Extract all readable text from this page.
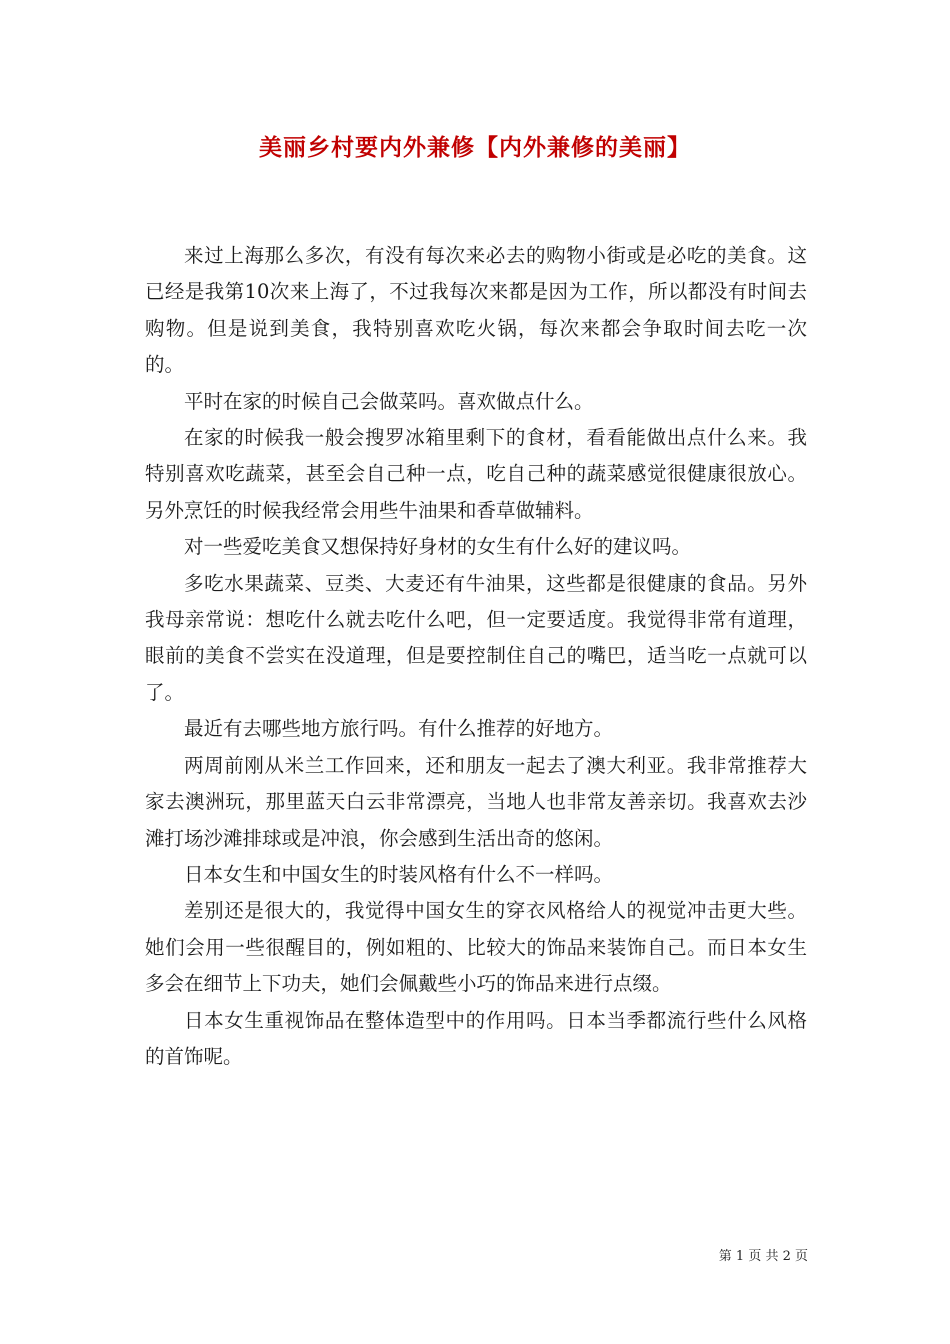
美丽乡村要内外兼修【内外兼修的美丽】

来过上海那么多次，有没有每次来必去的购物小街或是必吃的美食。这已经是我第10次来上海了，不过我每次来都是因为工作，所以都没有时间去购物。但是说到美食，我特别喜欢吃火锅，每次来都会争取时间去吃一次的。

平时在家的时候自己会做菜吗。喜欢做点什么。

在家的时候我一般会搜罗冰箱里剩下的食材，看看能做出点什么来。我特别喜欢吃蔬菜，甚至会自己种一点，吃自己种的蔬菜感觉很健康很放心。另外烹饪的时候我经常会用些牛油果和香草做辅料。

对一些爱吃美食又想保持好身材的女生有什么好的建议吗。

多吃水果蔬菜、豆类、大麦还有牛油果，这些都是很健康的食品。另外我母亲常说：想吃什么就去吃什么吧，但一定要适度。我觉得非常有道理，眼前的美食不尝实在没道理，但是要控制住自己的嘴巴，适当吃一点就可以了。

最近有去哪些地方旅行吗。有什么推荐的好地方。

两周前刚从米兰工作回来，还和朋友一起去了澳大利亚。我非常推荐大家去澳洲玩，那里蓝天白云非常漂亮，当地人也非常友善亲切。我喜欢去沙滩打场沙滩排球或是冲浪，你会感到生活出奇的悠闲。

日本女生和中国女生的时装风格有什么不一样吗。

差别还是很大的，我觉得中国女生的穿衣风格给人的视觉冲击更大些。她们会用一些很醒目的，例如粗的、比较大的饰品来装饰自己。而日本女生多会在细节上下功夫，她们会佩戴些小巧的饰品来进行点缀。

日本女生重视饰品在整体造型中的作用吗。日本当季都流行些什么风格的首饰呢。

第 1 页 共 2 页
